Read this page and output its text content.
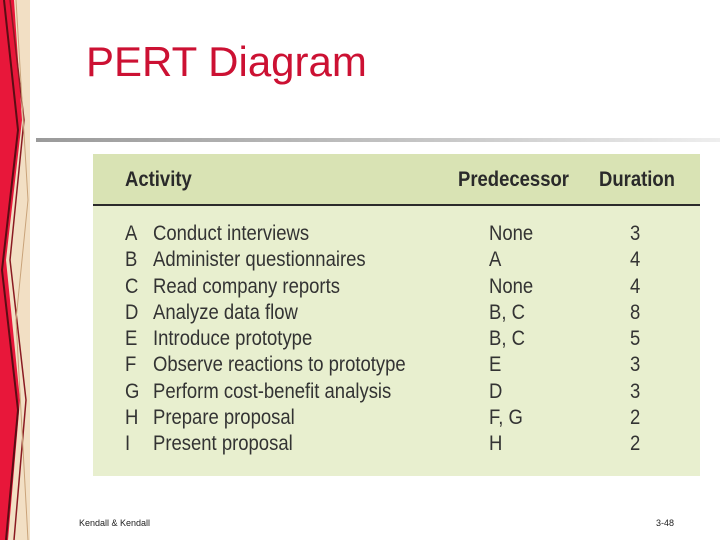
PERT Diagram
Activity	Predecessor Duration
A Conduct interviews	None	3
B Administer questionnaires	A	4
C Read company reports	None	4
D Analyze data flow	B, C	8
E Introduce prototype	B, C	5
F Observe reactions to prototype	E	3
G Perform cost-benefit analysis	D	3
H Prepare proposal	F, G	2
I Present proposal	H	2
Kendall & Kendall	3-48
